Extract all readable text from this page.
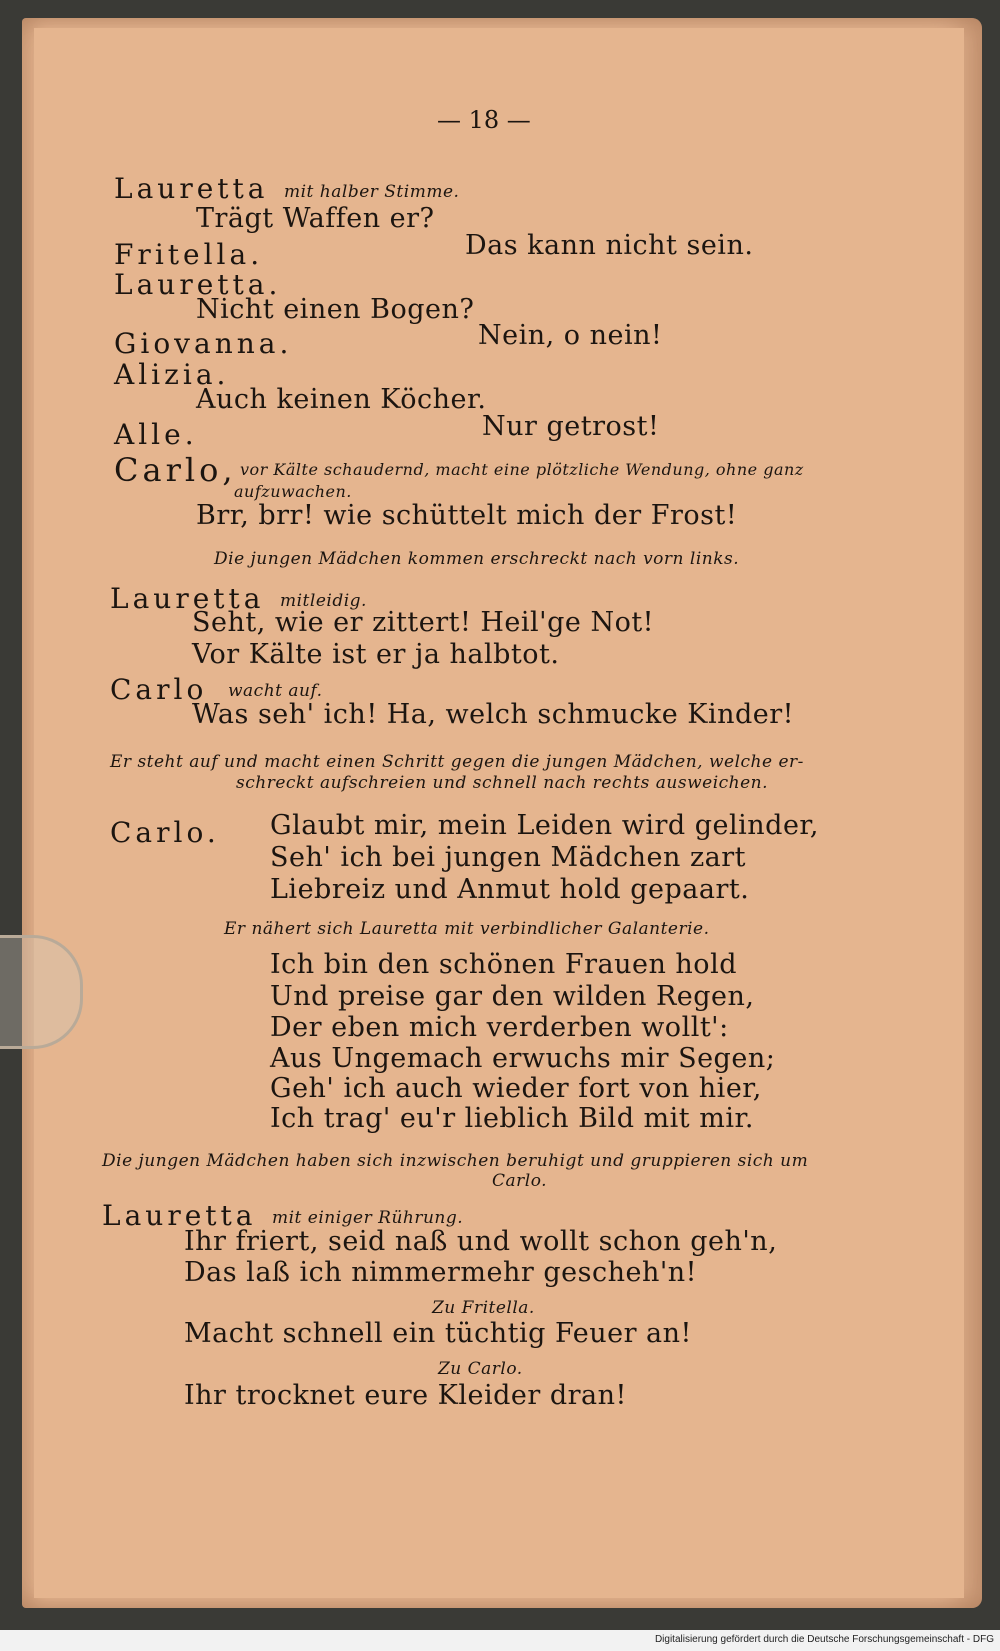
— 18 —
Lauretta mit halber Stimme.
Trägt Waffen er?
Fritella.	Das kann nicht sein.
Lauretta.
Nicht einen Bogen?
Giovanna.	Nein, o nein!
Alizia.
Auch keinen Köcher.
Alle.	Nur getrost!
Carlo, vor Kälte schaudernd, macht eine plötzliche Wendung, ohne ganz
aufzuwachen.
Brr, brr! wie schüttelt mich der Frost!
Die jungen Mädchen kommen erschreckt nach vorn links.
Lauretta mitleidig.
Seht, wie er zittert! Heil'ge Not!
Vor Kälte ist er ja halbtot.
Carlo wacht auf.
Was seh' ich! Ha, welch schmucke Kinder!
Er steht auf und macht einen Schritt gegen die jungen Mädchen, welche er-
schreckt aufschreien und schnell nach rechts ausweichen.
Carlo. Glaubt mir, mein Leiden wird gelinder,
Seh' ich bei jungen Mädchen zart
Liebreiz und Anmut hold gepaart.
Er nähert sich Lauretta mit verbindlicher Galanterie.
Ich bin den schönen Frauen hold
Und preise gar den wilden Regen,
Der eben mich verderben wollt':
Aus Ungemach erwuchs mir Segen;
Geh' ich auch wieder fort von hier,
Ich trag' eu'r lieblich Bild mit mir.
Die jungen Mädchen haben sich inzwischen beruhigt und gruppieren sich um
Carlo.
Lauretta mit einiger Rührung.
Ihr friert, seid naß und wollt schon geh'n,
Das laß ich nimmermehr gescheh'n!
Zu Fritella.
Macht schnell ein tüchtig Feuer an!
Zu Carlo.
Ihr trocknet eure Kleider dran!
Digitalisierung gefördert durch die Deutsche Forschungsgemeinschaft - DFG
